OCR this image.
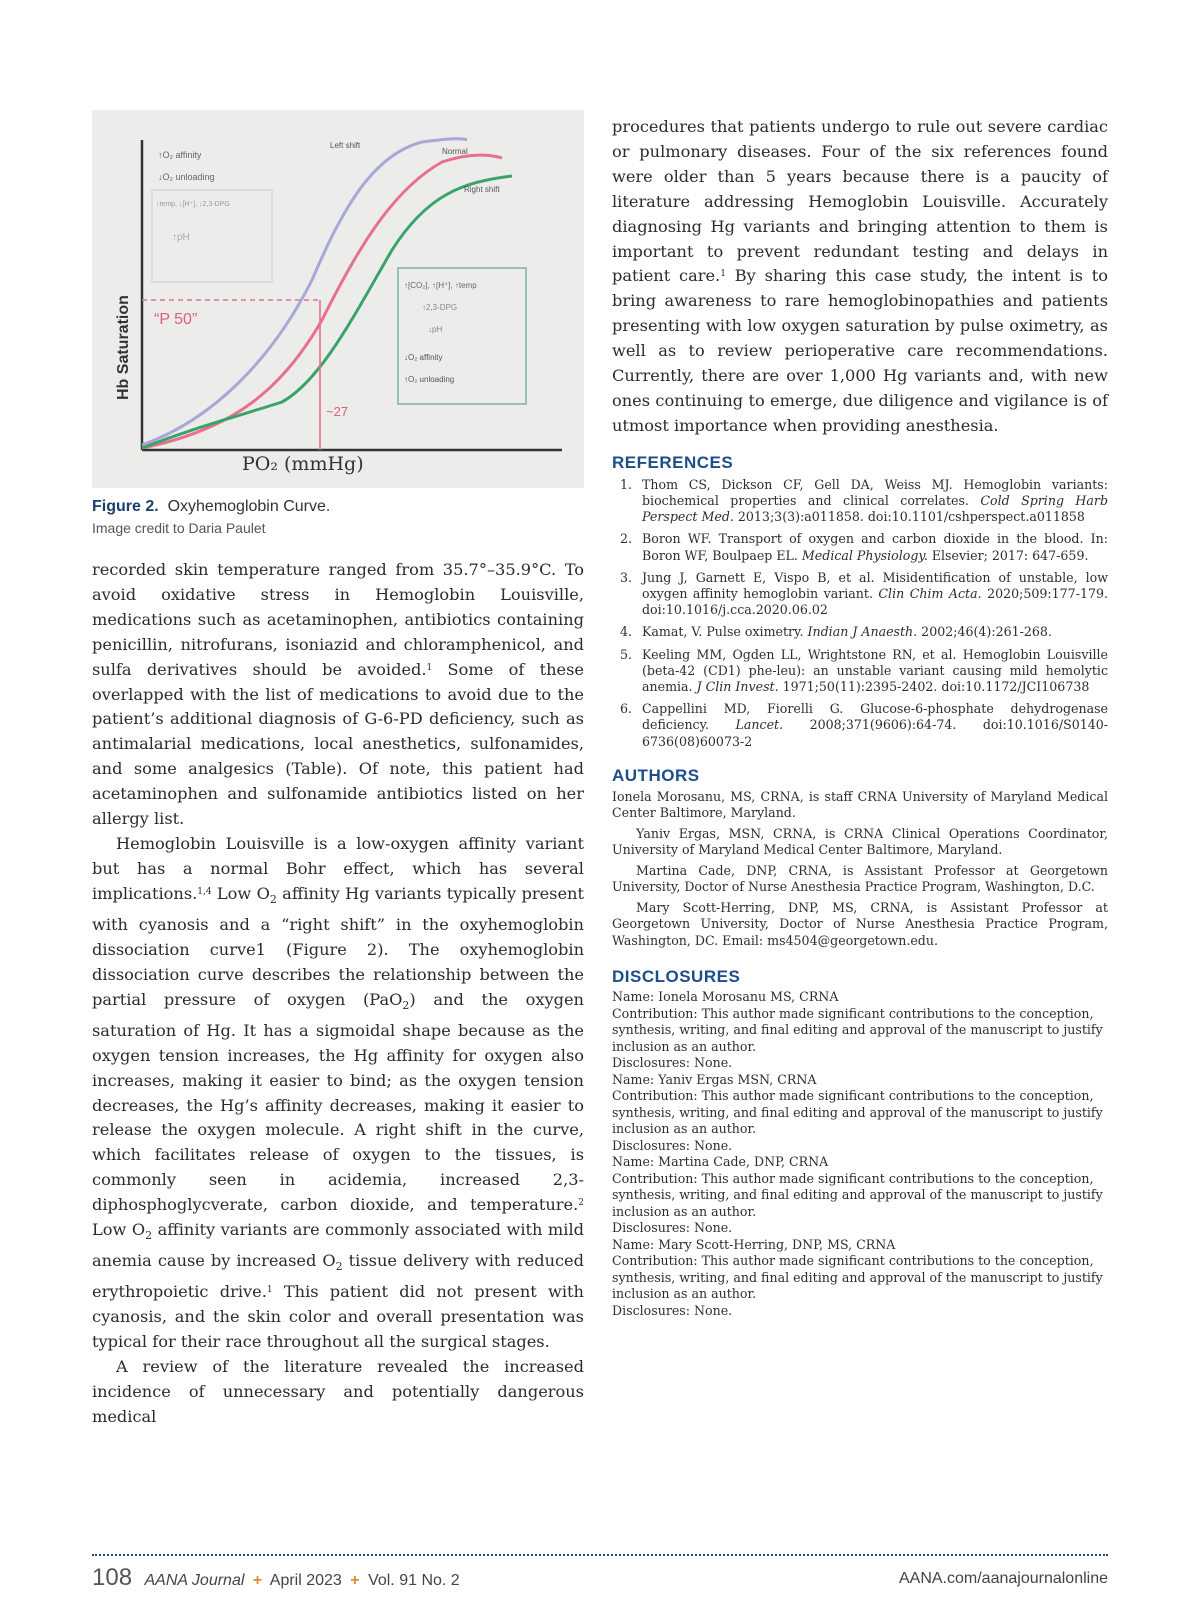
“P 50”
~27
PO₂ (mmHg)
Hb Saturation
Left shift
Normal
Right shift
↑O₂ affinity
↓O₂ unloading
↓temp, ↓[H⁺], ↓2,3-DPG
↑pH
↑[CO₂], ↑[H⁺], ↑temp
↑2,3-DPG
↓pH
↓O₂ affinity
↑O₂ unloading
Figure 2. Oxyhemoglobin Curve.
Image credit to Daria Paulet

recorded skin temperature ranged from 35.7°–35.9°C. To avoid oxidative stress in Hemoglobin Louisville, medications such as acetaminophen, antibiotics containing penicillin, nitrofurans, isoniazid and chloramphenicol, and sulfa derivatives should be avoided.$^1$ Some of these overlapped with the list of medications to avoid due to the patient’s additional diagnosis of G-6-PD deficiency, such as antimalarial medications, local anesthetics, sulfonamides, and some analgesics (Table). Of note, this patient had acetaminophen and sulfonamide antibiotics listed on her allergy list.

Hemoglobin Louisville is a low-oxygen affinity variant but has a normal Bohr effect, which has several implications.$^{1,4}$ Low $O_2$ affinity Hg variants typically present with cyanosis and a “right shift” in the oxyhemoglobin dissociation curve1 (Figure 2). The oxyhemoglobin dissociation curve describes the relationship between the partial pressure of oxygen (PaO$_2$) and the oxygen saturation of Hg. It has a sigmoidal shape because as the oxygen tension increases, the Hg affinity for oxygen also increases, making it easier to bind; as the oxygen tension decreases, the Hg’s affinity decreases, making it easier to release the oxygen molecule. A right shift in the curve, which facilitates release of oxygen to the tissues, is commonly seen in acidemia, increased 2,3-diphosphoglycverate, carbon dioxide, and temperature.$^2$ Low $O_2$ affinity variants are commonly associated with mild anemia cause by increased $O_2$ tissue delivery with reduced erythropoietic drive.$^1$ This patient did not present with cyanosis, and the skin color and overall presentation was typical for their race throughout all the surgical stages.

A review of the literature revealed the increased incidence of unnecessary and potentially dangerous medical

procedures that patients undergo to rule out severe cardiac or pulmonary diseases. Four of the six references found were older than 5 years because there is a paucity of literature addressing Hemoglobin Louisville. Accurately diagnosing Hg variants and bringing attention to them is important to prevent redundant testing and delays in patient care.$^1$ By sharing this case study, the intent is to bring awareness to rare hemoglobinopathies and patients presenting with low oxygen saturation by pulse oximetry, as well as to review perioperative care recommendations. Currently, there are over 1,000 Hg variants and, with new ones continuing to emerge, due diligence and vigilance is of utmost importance when providing anesthesia.

REFERENCES
1. Thom CS, Dickson CF, Gell DA, Weiss MJ. Hemoglobin variants: biochemical properties and clinical correlates. Cold Spring Harb Perspect Med. 2013;3(3):a011858. doi:10.1101/cshperspect.a011858
2. Boron WF. Transport of oxygen and carbon dioxide in the blood. In: Boron WF, Boulpaep EL. Medical Physiology. Elsevier; 2017: 647-659.
3. Jung J, Garnett E, Vispo B, et al. Misidentification of unstable, low oxygen affinity hemoglobin variant. Clin Chim Acta. 2020;509:177-179. doi:10.1016/j.cca.2020.06.02
4. Kamat, V. Pulse oximetry. Indian J Anaesth. 2002;46(4):261-268.
5. Keeling MM, Ogden LL, Wrightstone RN, et al. Hemoglobin Louisville (beta-42 (CD1) phe-leu): an unstable variant causing mild hemolytic anemia. J Clin Invest. 1971;50(11):2395-2402. doi:10.1172/JCI106738
6. Cappellini MD, Fiorelli G. Glucose-6-phosphate dehydrogenase deficiency. Lancet. 2008;371(9606):64-74. doi:10.1016/S0140-6736(08)60073-2
AUTHORS

Ionela Morosanu, MS, CRNA, is staff CRNA University of Maryland Medical Center Baltimore, Maryland.

Yaniv Ergas, MSN, CRNA, is CRNA Clinical Operations Coordinator, University of Maryland Medical Center Baltimore, Maryland.

Martina Cade, DNP, CRNA, is Assistant Professor at Georgetown University, Doctor of Nurse Anesthesia Practice Program, Washington, D.C.

Mary Scott-Herring, DNP, MS, CRNA, is Assistant Professor at Georgetown University, Doctor of Nurse Anesthesia Practice Program, Washington, DC. Email: ms4504@georgetown.edu.

DISCLOSURES

Name: Ionela Morosanu MS, CRNA

Contribution: This author made significant contributions to the conception, synthesis, writing, and final editing and approval of the manuscript to justify inclusion as an author.

Disclosures: None.

Name: Yaniv Ergas MSN, CRNA

Contribution: This author made significant contributions to the conception, synthesis, writing, and final editing and approval of the manuscript to justify inclusion as an author.

Disclosures: None.

Name: Martina Cade, DNP, CRNA

Contribution: This author made significant contributions to the conception, synthesis, writing, and final editing and approval of the manuscript to justify inclusion as an author.

Disclosures: None.

Name: Mary Scott-Herring, DNP, MS, CRNA

Contribution: This author made significant contributions to the conception, synthesis, writing, and final editing and approval of the manuscript to justify inclusion as an author.

Disclosures: None.

108 AANA Journal + April 2023 + Vol. 91 No. 2	AANA.com/aanajournalonline
